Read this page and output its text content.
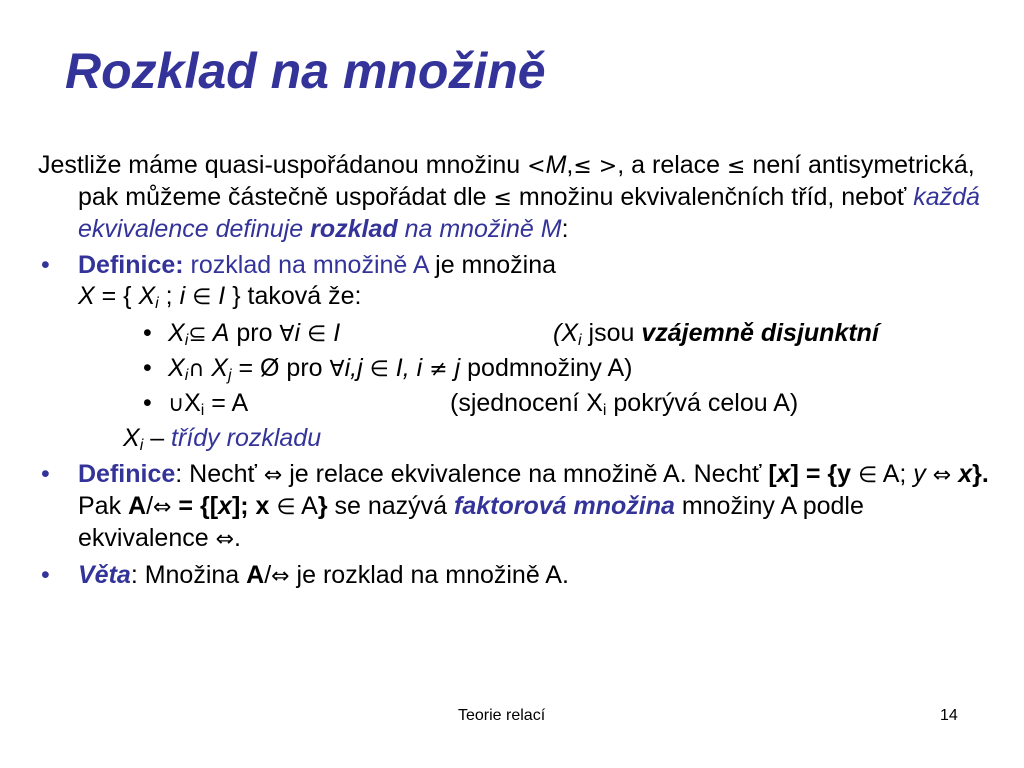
Rozklad na množině

Jestliže máme quasi-uspořádanou množinu <M,≤ >, a relace ≤ není antisymetrická, pak můžeme částečně uspořádat dle ≤ množinu ekvivalenčních tříd, neboť každá ekvivalence definuje rozklad na množině M:

• Definice: rozklad na množině A je množina
X = { $X_i$ ; i ∈ I } taková že:
• $X_i⊆$ A pro ∀i ∈ I	($X_i$ jsou vzájemně disjunktní
• $X_i\cap$ $X_j$ = Ø pro ∀i,j ∈ I, i ≠ j podmnožiny A)
• $\cup X_i = A$	(sjednocení $X_i$ pokrývá celou A)
$X_i$ – třídy rozkladu
• Definice: Nechť ⇔ je relace ekvivalence na množině A. Nechť [x] = {y ∈ A; y ⇔ x}. Pak A/⇔ = {[x]; x ∈ A} se nazývá faktorová množina množiny A podle ekvivalence ⇔.
• Věta: Množina A/⇔ je rozklad na množině A.
Teorie relací	14
